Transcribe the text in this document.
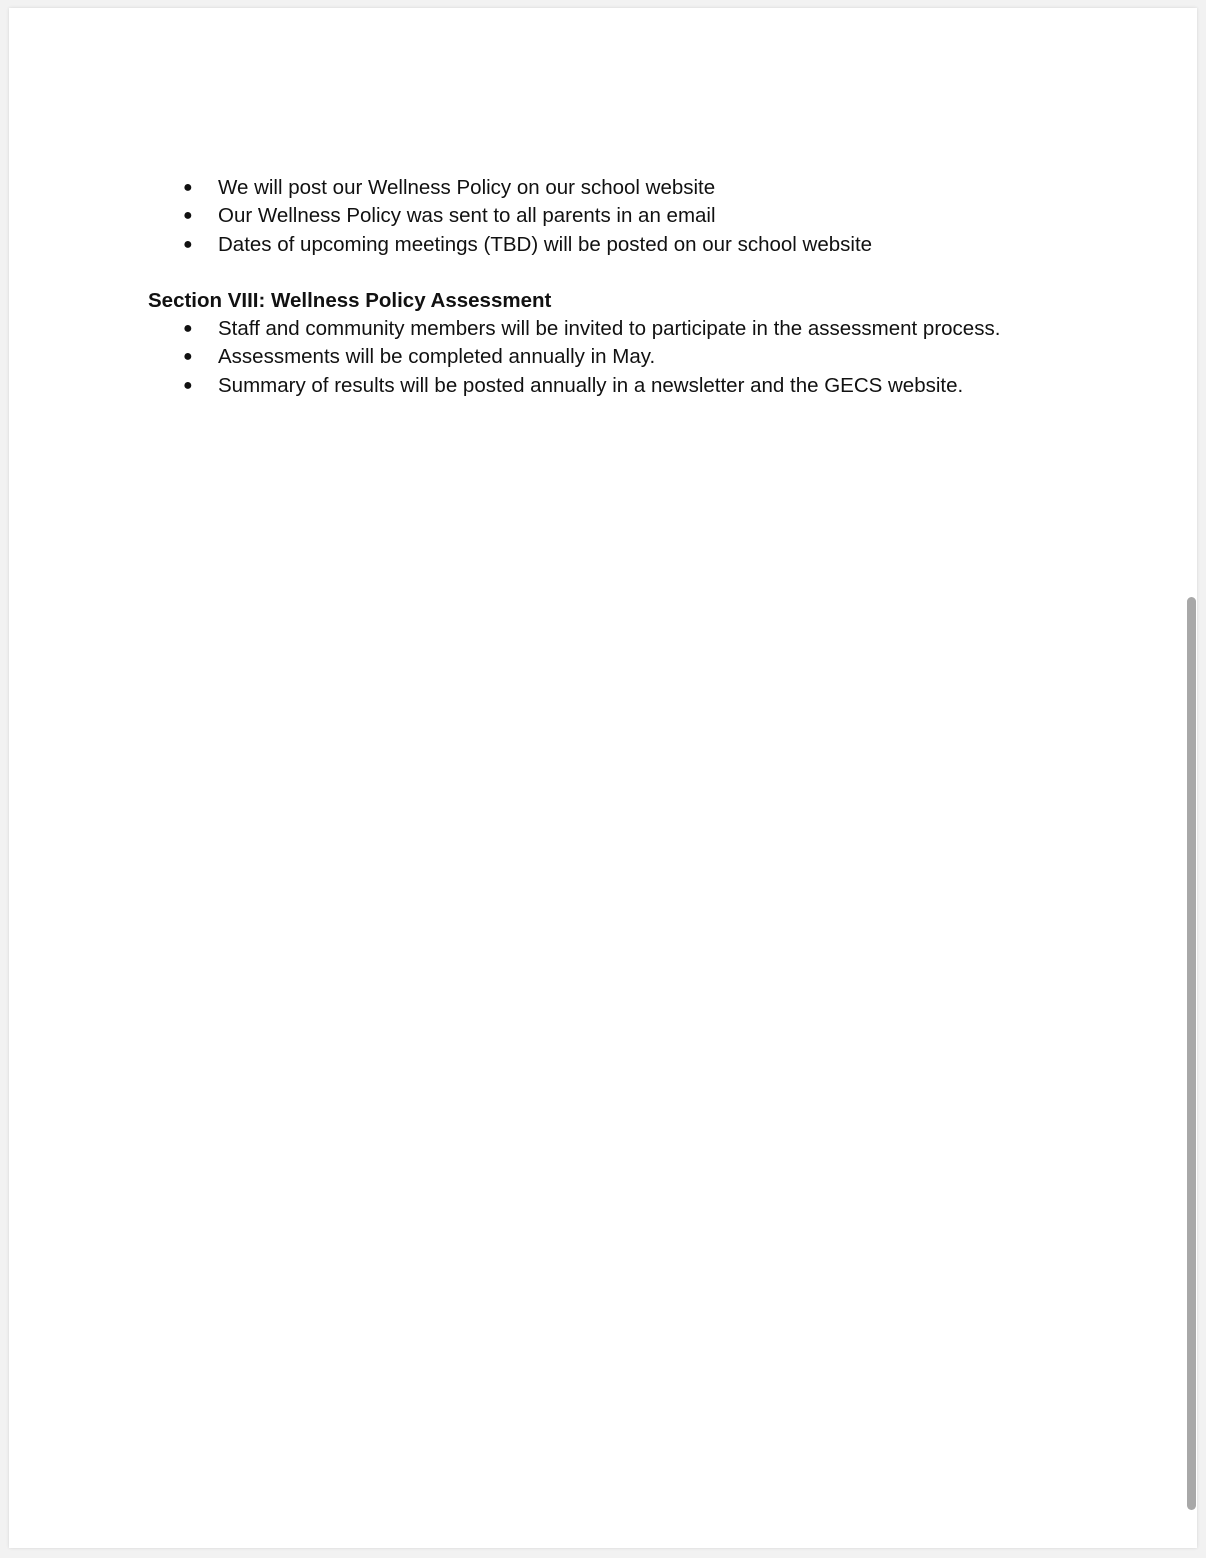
● We will post our Wellness Policy on our school website
● Our Wellness Policy was sent to all parents in an email
● Dates of upcoming meetings (TBD) will be posted on our school website
Section VIII: Wellness Policy Assessment
● Staff and community members will be invited to participate in the assessment process.
● Assessments will be completed annually in May.
● Summary of results will be posted annually in a newsletter and the GECS website.
